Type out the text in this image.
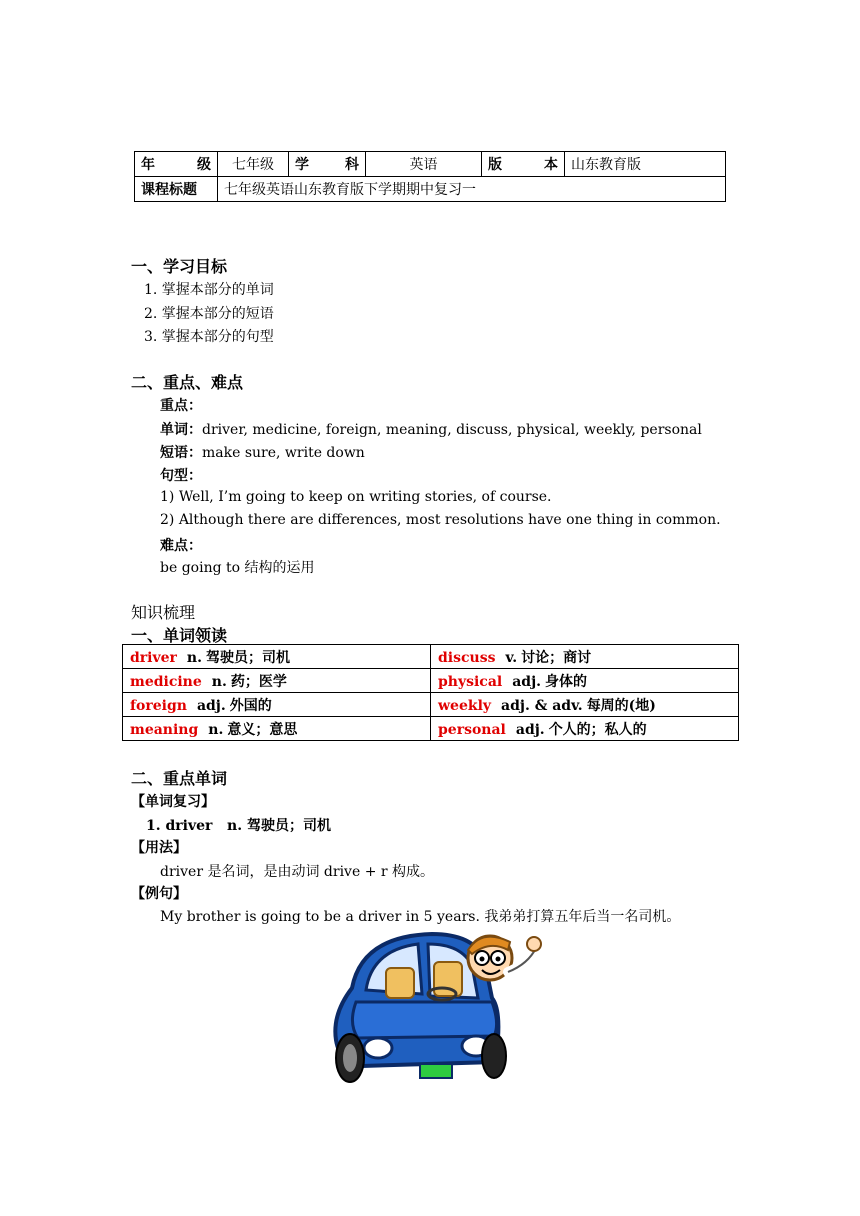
年　　级	七年级	学　　科	英语	版　　本	山东教育版
课程标题	七年级英语山东教育版下学期期中复习一				
一、学习目标
1. 掌握本部分的单词
2. 掌握本部分的短语
3. 掌握本部分的句型
二、重点、难点
重点：
单词：driver, medicine, foreign, meaning, discuss, physical, weekly, personal
短语：make sure, write down
句型：
1) Well, I’m going to keep on writing stories, of course.
2) Although there are differences, most resolutions have one thing in common.
难点：
be going to 结构的运用
知识梳理
一、单词领读
driver n. 驾驶员；司机	discuss v. 讨论；商讨
medicine n. 药；医学	physical adj. 身体的
foreign adj. 外国的	weekly adj. & adv. 每周的(地)
meaning n. 意义；意思	personal adj. 个人的；私人的
二、重点单词
【单词复习】
1. driver n. 驾驶员；司机
【用法】
driver 是名词，是由动词 drive + r 构成。
【例句】
My brother is going to be a driver in 5 years. 我弟弟打算五年后当一名司机。
